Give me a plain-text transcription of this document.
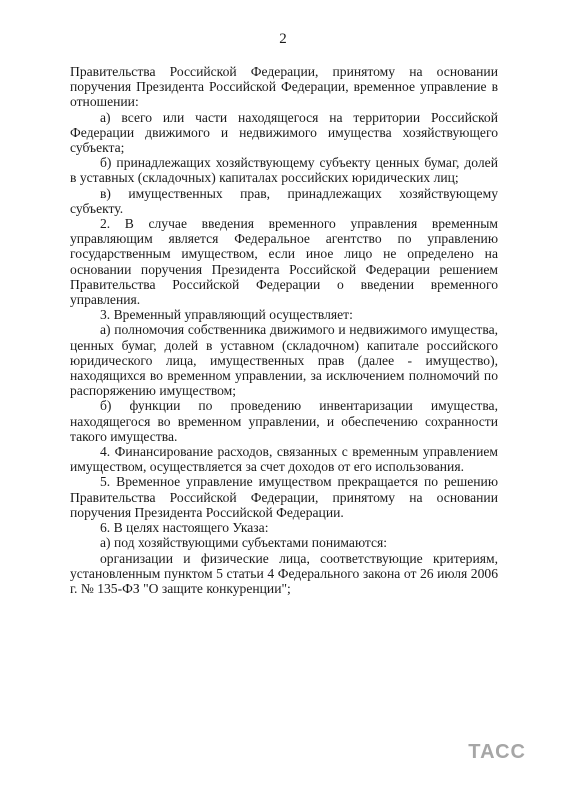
2

Правительства Российской Федерации, принятому на основании поручения Президента Российской Федерации, временное управление в отношении:

а) всего или части находящегося на территории Российской Федерации движимого и недвижимого имущества хозяйствующего субъекта;

б) принадлежащих хозяйствующему субъекту ценных бумаг, долей в уставных (складочных) капиталах российских юридических лиц;

в) имущественных прав, принадлежащих хозяйствующему субъекту.

2. В случае введения временного управления временным управляющим является Федеральное агентство по управлению государственным имуществом, если иное лицо не определено на основании поручения Президента Российской Федерации решением Правительства Российской Федерации о введении временного управления.

3. Временный управляющий осуществляет:

а) полномочия собственника движимого и недвижимого имущества, ценных бумаг, долей в уставном (складочном) капитале российского юридического лица, имущественных прав (далее - имущество), находящихся во временном управлении, за исключением полномочий по распоряжению имуществом;

б) функции по проведению инвентаризации имущества, находящегося во временном управлении, и обеспечению сохранности такого имущества.

4. Финансирование расходов, связанных с временным управлением имуществом, осуществляется за счет доходов от его использования.

5. Временное управление имуществом прекращается по решению Правительства Российской Федерации, принятому на основании поручения Президента Российской Федерации.

6. В целях настоящего Указа:

а) под хозяйствующими субъектами понимаются:

организации и физические лица, соответствующие критериям, установленным пунктом 5 статьи 4 Федерального закона от 26 июля 2006 г. № 135-ФЗ "О защите конкуренции";

ТАСС
